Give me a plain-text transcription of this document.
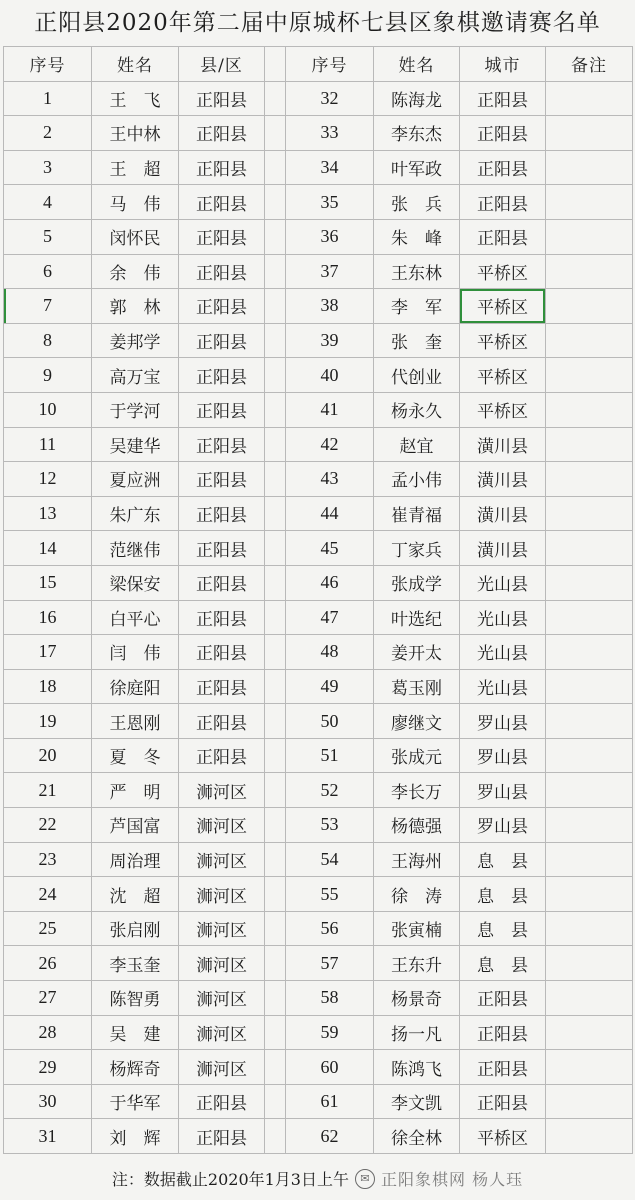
正阳县2020年第二届中原城杯七县区象棋邀请赛名单
序号	姓名	县/区	序号	姓名	城市	备注
1	王　飞	正阳县	32	陈海龙	正阳县
2	王中林	正阳县	33	李东杰	正阳县
3	王　超	正阳县	34	叶军政	正阳县
4	马　伟	正阳县	35	张　兵	正阳县
5	闵怀民	正阳县	36	朱　峰	正阳县
6	余　伟	正阳县	37	王东林	平桥区
7	郭　林	正阳县	38	李　军	平桥区
8	姜邦学	正阳县	39	张　奎	平桥区
9	高万宝	正阳县	40	代创业	平桥区
10	于学河	正阳县	41	杨永久	平桥区
11	吴建华	正阳县	42	赵宜	潢川县
12	夏应洲	正阳县	43	孟小伟	潢川县
13	朱广东	正阳县	44	崔青福	潢川县
14	范继伟	正阳县	45	丁家兵	潢川县
15	梁保安	正阳县	46	张成学	光山县
16	白平心	正阳县	47	叶选纪	光山县
17	闫　伟	正阳县	48	姜开太	光山县
18	徐庭阳	正阳县	49	葛玉刚	光山县
19	王恩刚	正阳县	50	廖继文	罗山县
20	夏　冬	正阳县	51	张成元	罗山县
21	严　明	浉河区	52	李长万	罗山县
22	芦国富	浉河区	53	杨德强	罗山县
23	周治理	浉河区	54	王海州	息　县
24	沈　超	浉河区	55	徐　涛	息　县
25	张启刚	浉河区	56	张寅楠	息　县
26	李玉奎	浉河区	57	王东升	息　县
27	陈智勇	浉河区	58	杨景奇	正阳县
28	吴　建	浉河区	59	扬一凡	正阳县
29	杨辉奇	浉河区	60	陈鸿飞	正阳县
30	于华军	正阳县	61	李文凯	正阳县
31	刘　辉	正阳县	62	徐全林	平桥区
注：数据截止2020年1月3日上午	✉ 正阳象棋网 杨人珏
